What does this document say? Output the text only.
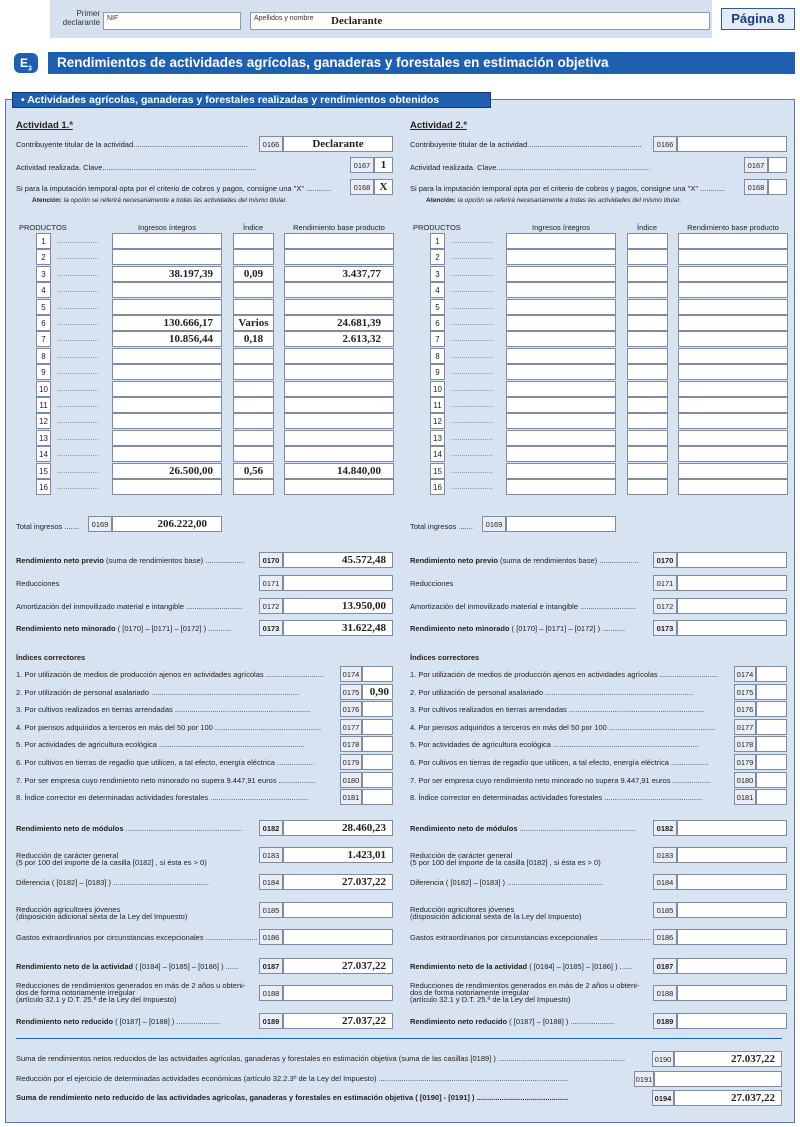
Primer declarante NIF	Apellidos y nombre Declarante	Página 8
$E_3$	Rendimientos de actividades agrícolas, ganaderas y forestales en estimación objetiva
• Actividades agrícolas, ganaderas y forestales realizadas y rendimientos obtenidos
Actividad 1.ª
Contribuyente titular de la actividad.......................................................	0166	Declarante
Actividad realizada. Clave..........................................................................	0167 1
Si para la imputación temporal opta por el criterio de cobros y pagos, consigne una "X" ............	0168 X
Atención: la opción se referirá necesariamente a todas las actividades del mismo titular.
PRODUCTOS	Ingresos íntegros	Índice	Rendimiento base producto
1	....................
2	....................
3	....................	38.197,39	0,09	3.437,77
4	....................
5	....................
6	....................	130.666,17	Varios	24.681,39
7	....................	10.856,44	0,18	2.613,32
8	....................
9	....................
10	....................
11	....................
12	....................
13	....................
14	....................
15	....................	26.500,00	0,56	14.840,00
16	....................
Total ingresos .......	0169	206.222,00
Rendimiento neto previo (suma de rendimientos base) ...................	0170	45.572,48
Reducciones	0171
Amortización del inmovilizado material e intangible ...........................	0172	13.950,00
Rendimiento neto minorado ( [0170] – [0171] – [0172] ) ...........	0173	31.622,48
Índices correctores
1. Por utilización de medios de producción ajenos en actividades agrícolas ............................	0174
2. Por utilización de personal asalariado .......................................................................	0175 0,90
3. Por cultivos realizados en tierras arrendadas .................................................................	0176
4. Por piensos adquiridos a terceros en más del 50 por 100 ...................................................	0177
5. Por actividades de agricultura ecológica ......................................................................	0178
6. Por cultivos en tierras de regadío que utilicen, a tal efecto, energía eléctrica ..................	0179
7. Por ser empresa cuyo rendimiento neto minorado no supera 9.447,91 euros ..................	0180
8. Índice corrector en determinadas actividades forestales ...............................................	0181
Rendimiento neto de módulos ........................................................	0182	28.460,23
Reducción de carácter general
(5 por 100 del importe de la casilla [0182] , si ésta es > 0)
0183	1.423,01
Diferencia ( [0182] – [0183] ) ..............................................	0184	27.037,22
Reducción agricultores jóvenes
(disposición adicional sexta de la Ley del Impuesto)
0185
Gastos extraordinarios por circunstancias excepcionales ......................... 0186
Rendimiento neto de la actividad ( [0184] – [0185] – [0186] ) ......	0187	27.037,22
Reducciones de rendimientos generados en más de 2 años u obteni-
dos de forma notoriamente irregular
(artículo 32.1 y D.T. 25.ª de la Ley del Impuesto)
0188
Rendimiento neto reducido ( [0187] – [0188] ) .....................	0189	27.037,22
Actividad 2.ª
Contribuyente titular de la actividad.......................................................	0166
Actividad realizada. Clave..........................................................................	0167
Si para la imputación temporal opta por el criterio de cobros y pagos, consigne una "X" ............	0168
Atención: la opción se referirá necesariamente a todas las actividades del mismo titular.
PRODUCTOS	Ingresos íntegros	Índice	Rendimiento base producto
1	....................
2	....................
3	....................
4	....................
5	....................
6	....................
7	....................
8	....................
9	....................
10	....................
11	....................
12	....................
13	....................
14	....................
15	....................
16	....................
Total ingresos .......	0169
Rendimiento neto previo (suma de rendimientos base) ...................	0170
Reducciones	0171
Amortización del inmovilizado material e intangible ...........................	0172
Rendimiento neto minorado ( [0170] – [0171] – [0172] ) ...........	0173
Índices correctores
1. Por utilización de medios de producción ajenos en actividades agrícolas ............................	0174
2. Por utilización de personal asalariado .......................................................................	0175
3. Por cultivos realizados en tierras arrendadas .................................................................	0176
4. Por piensos adquiridos a terceros en más del 50 por 100 ...................................................	0177
5. Por actividades de agricultura ecológica ......................................................................	0178
6. Por cultivos en tierras de regadío que utilicen, a tal efecto, energía eléctrica ..................	0179
7. Por ser empresa cuyo rendimiento neto minorado no supera 9.447,91 euros ..................	0180
8. Índice corrector en determinadas actividades forestales ...............................................	0181
Rendimiento neto de módulos ........................................................	0182
Reducción de carácter general
(5 por 100 del importe de la casilla [0182] , si ésta es > 0)
0183
Diferencia ( [0182] – [0183] ) ..............................................	0184
Reducción agricultores jóvenes
(disposición adicional sexta de la Ley del Impuesto)
0185
Gastos extraordinarios por circunstancias excepcionales ......................... 0186
Rendimiento neto de la actividad ( [0184] – [0185] – [0186] ) ......	0187
Reducciones de rendimientos generados en más de 2 años u obteni-
dos de forma notoriamente irregular
(artículo 32.1 y D.T. 25.ª de la Ley del Impuesto)
0188
Rendimiento neto reducido ( [0187] – [0188] ) .....................	0189
Suma de rendimientos netos reducidos de las actividades agrícolas, ganaderas y forestales en estimación objetiva (suma de las casillas [0189] ) .............................................................	0190	27.037,22
Reducción por el ejercicio de determinadas actividades económicas (artículo 32.2.3º de la Ley del Impuesto) ...........................................................................................	0191
Suma de rendimiento neto reducido de las actividades agrícolas, ganaderas y forestales en estimación objetiva ( [0190] - [0191] ) ............................................	0194	27.037,22
